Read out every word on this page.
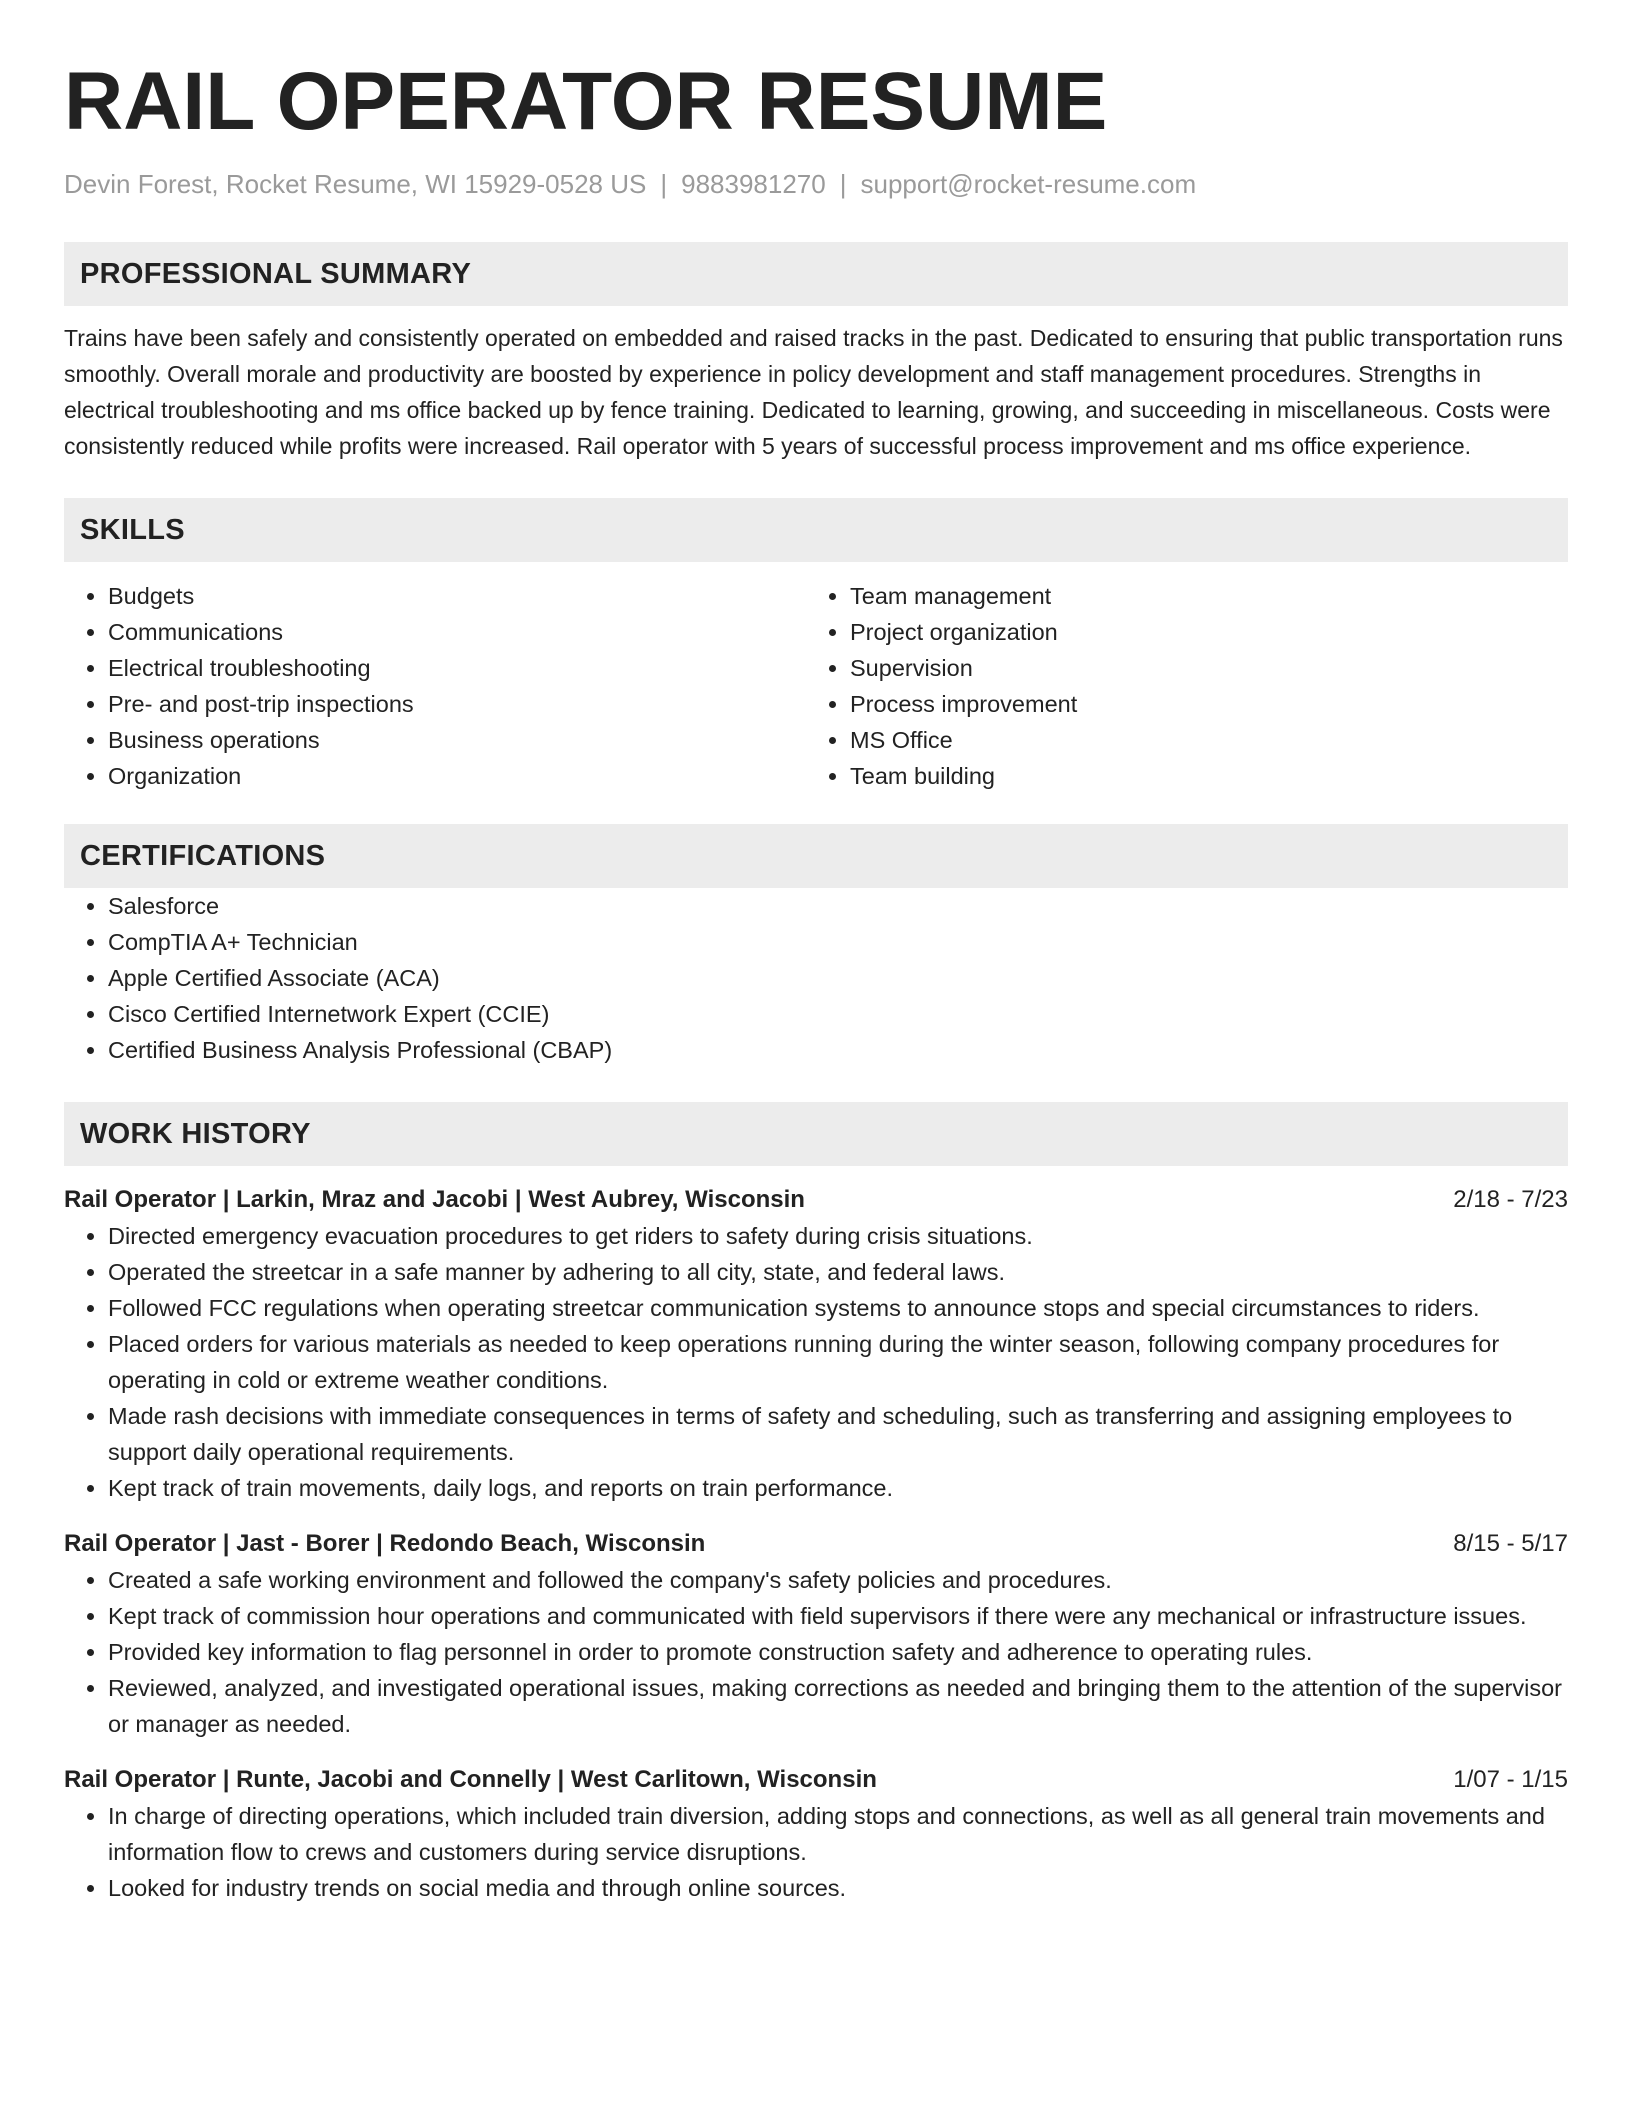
RAIL OPERATOR RESUME
Devin Forest, Rocket Resume, WI 15929-0528 US | 9883981270 | support@rocket-resume.com
PROFESSIONAL SUMMARY

Trains have been safely and consistently operated on embedded and raised tracks in the past. Dedicated to ensuring that public transportation runs smoothly. Overall morale and productivity are boosted by experience in policy development and staff management procedures. Strengths in electrical troubleshooting and ms office backed up by fence training. Dedicated to learning, growing, and succeeding in miscellaneous. Costs were consistently reduced while profits were increased. Rail operator with 5 years of successful process improvement and ms office experience.

SKILLS
• Budgets
• Communications
• Electrical troubleshooting
• Pre- and post-trip inspections
• Business operations
• Organization
• Team management
• Project organization
• Supervision
• Process improvement
• MS Office
• Team building
CERTIFICATIONS
• Salesforce
• CompTIA A+ Technician
• Apple Certified Associate (ACA)
• Cisco Certified Internetwork Expert (CCIE)
• Certified Business Analysis Professional (CBAP)
WORK HISTORY
Rail Operator | Larkin, Mraz and Jacobi | West Aubrey, Wisconsin	2/18 - 7/23
• Directed emergency evacuation procedures to get riders to safety during crisis situations.
• Operated the streetcar in a safe manner by adhering to all city, state, and federal laws.
• Followed FCC regulations when operating streetcar communication systems to announce stops and special circumstances to riders.
• Placed orders for various materials as needed to keep operations running during the winter season, following company procedures for operating in cold or extreme weather conditions.
• Made rash decisions with immediate consequences in terms of safety and scheduling, such as transferring and assigning employees to support daily operational requirements.
• Kept track of train movements, daily logs, and reports on train performance.
Rail Operator | Jast - Borer | Redondo Beach, Wisconsin	8/15 - 5/17
• Created a safe working environment and followed the company's safety policies and procedures.
• Kept track of commission hour operations and communicated with field supervisors if there were any mechanical or infrastructure issues.
• Provided key information to flag personnel in order to promote construction safety and adherence to operating rules.
• Reviewed, analyzed, and investigated operational issues, making corrections as needed and bringing them to the attention of the supervisor or manager as needed.
Rail Operator | Runte, Jacobi and Connelly | West Carlitown, Wisconsin	1/07 - 1/15
• In charge of directing operations, which included train diversion, adding stops and connections, as well as all general train movements and information flow to crews and customers during service disruptions.
• Looked for industry trends on social media and through online sources.
